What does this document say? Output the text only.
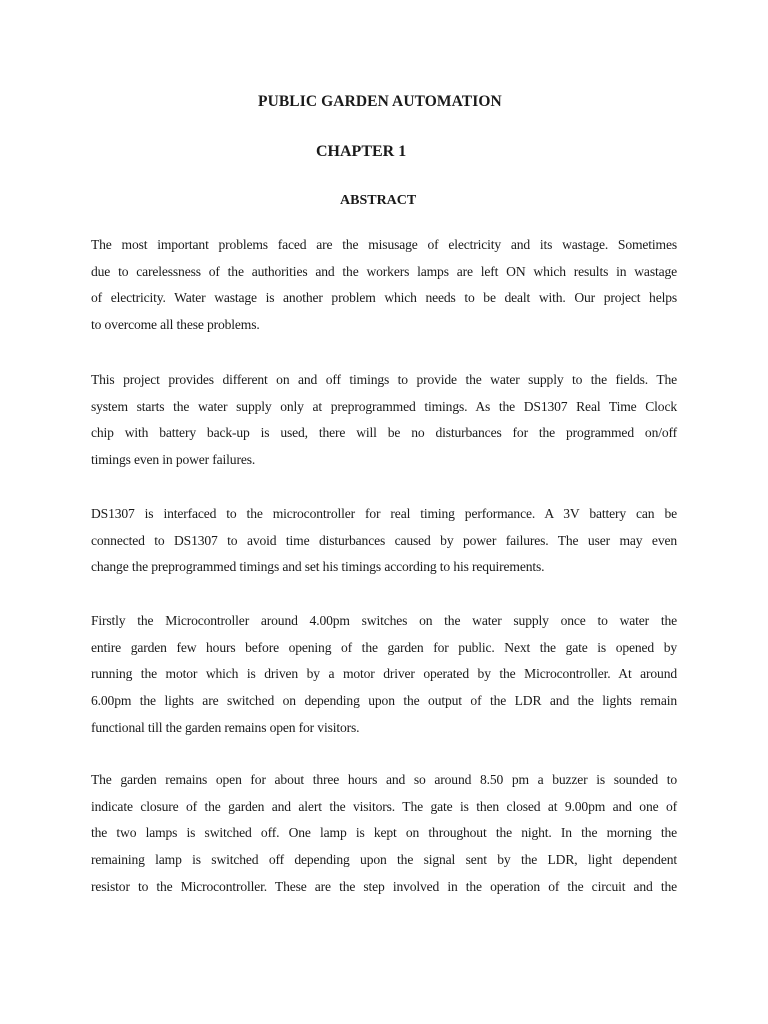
PUBLIC GARDEN AUTOMATION
CHAPTER 1
ABSTRACT
The most important problems faced are the misusage of electricity and its wastage. Sometimes
due to carelessness of the authorities and the workers lamps are left ON which results in wastage
of electricity. Water wastage is another problem which needs to be dealt with. Our project helps
to overcome all these problems.
This project provides different on and off timings to provide the water supply to the fields. The
system starts the water supply only at preprogrammed timings. As the DS1307 Real Time Clock
chip with battery back-up is used, there will be no disturbances for the programmed on/off
timings even in power failures.
DS1307 is interfaced to the microcontroller for real timing performance. A 3V battery can be
connected to DS1307 to avoid time disturbances caused by power failures. The user may even
change the preprogrammed timings and set his timings according to his requirements.
Firstly the Microcontroller around 4.00pm switches on the water supply once to water the
entire garden few hours before opening of the garden for public. Next the gate is opened by
running the motor which is driven by a motor driver operated by the Microcontroller. At around
6.00pm the lights are switched on depending upon the output of the LDR and the lights remain
functional till the garden remains open for visitors.
The garden remains open for about three hours and so around 8.50 pm a buzzer is sounded to
indicate closure of the garden and alert the visitors. The gate is then closed at 9.00pm and one of
the two lamps is switched off. One lamp is kept on throughout the night. In the morning the
remaining lamp is switched off depending upon the signal sent by the LDR, light dependent
resistor to the Microcontroller. These are the step involved in the operation of the circuit and the
